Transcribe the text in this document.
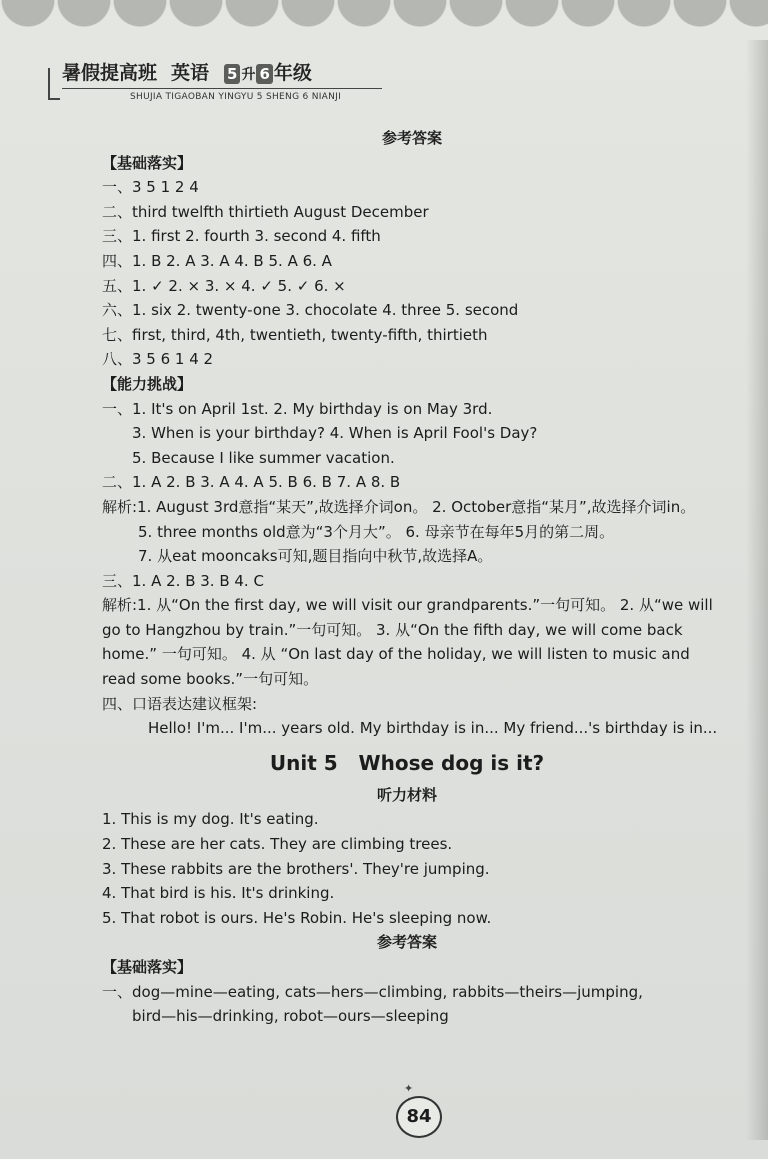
暑假提高班 英语 5 升 6 年级
SHUJIA TIGAOBAN YINGYU 5 SHENG 6 NIANJI
参考答案
【基础落实】
一、3 5 1 2 4
二、third twelfth thirtieth August December
三、1. first 2. fourth 3. second 4. fifth
四、1. B 2. A 3. A 4. B 5. A 6. A
五、1. ✓ 2. × 3. × 4. ✓ 5. ✓ 6. ×
六、1. six 2. twenty-one 3. chocolate 4. three 5. second
七、first, third, 4th, twentieth, twenty-fifth, thirtieth
八、3 5 6 1 4 2
【能力挑战】
一、1. It's on April 1st. 2. My birthday is on May 3rd.
3. When is your birthday? 4. When is April Fool's Day?
5. Because I like summer vacation.
二、1. A 2. B 3. A 4. A 5. B 6. B 7. A 8. B
解析:1. August 3rd意指“某天”,故选择介词on。 2. October意指“某月”,故选择介词in。
5. three months old意为“3个月大”。 6. 母亲节在每年5月的第二周。
7. 从eat mooncaks可知,题目指向中秋节,故选择A。
三、1. A 2. B 3. B 4. C
解析:1. 从“On the first day, we will visit our grandparents.”一句可知。 2. 从“we will
go to Hangzhou by train.”一句可知。 3. 从“On the fifth day, we will come back
home.” 一句可知。 4. 从 “On last day of the holiday, we will listen to music and
read some books.”一句可知。
四、口语表达建议框架:
Hello! I'm... I'm... years old. My birthday is in... My friend...'s birthday is in...
Unit 5   Whose dog is it?
听力材料
1. This is my dog. It's eating.
2. These are her cats. They are climbing trees.
3. These rabbits are the brothers'. They're jumping.
4. That bird is his. It's drinking.
5. That robot is ours. He's Robin. He's sleeping now.
参考答案
【基础落实】
一、dog—mine—eating, cats—hers—climbing, rabbits—theirs—jumping,
bird—his—drinking, robot—ours—sleeping
✦
84
